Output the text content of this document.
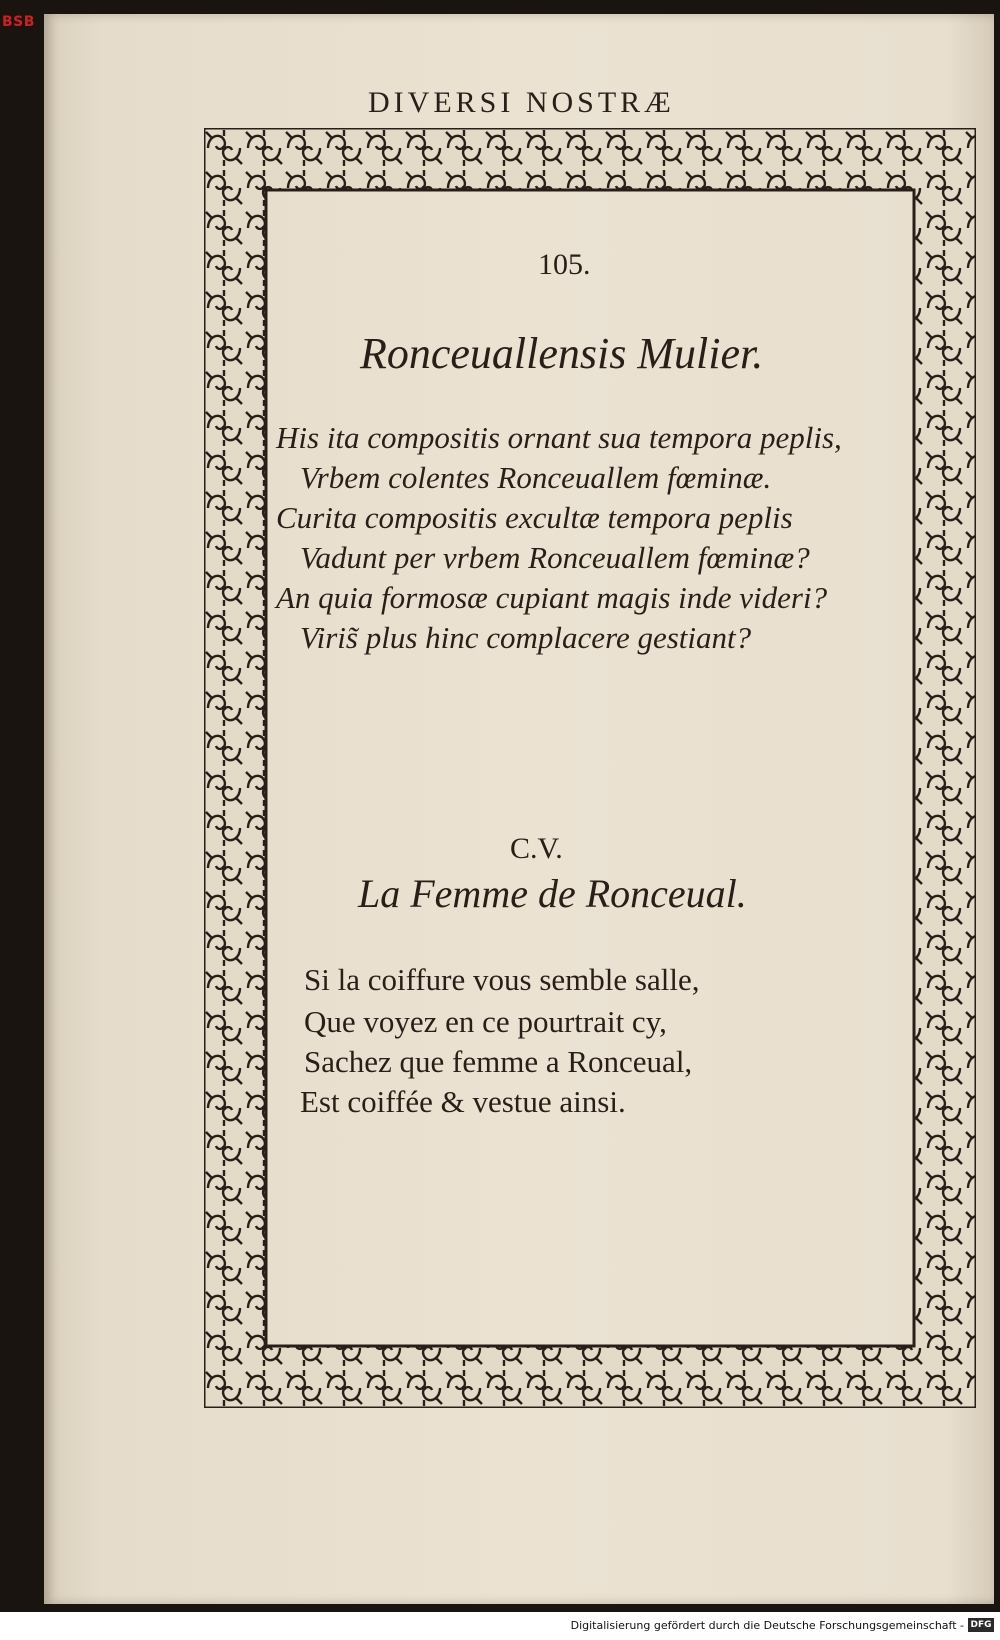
BSB
DIVERSI NOSTRÆ
105.
Ronceuallensis Mulier.
His ita compositis ornant sua tempora peplis,
Vrbem colentes Ronceuallem fœminæ.
Curita compositis excultæ tempora peplis
Vadunt per vrbem Ronceuallem fœminæ?
An quia formosæ cupiant magis inde videri?
Viris̃ plus hinc complacere gestiant?
C.V.
La Femme de Ronceual.
Si la coiffure vous semble salle,
Que voyez en ce pourtrait cy,
Sachez que femme a Ronceual,
Est coiffée & vestue ainsi.
Digitalisierung gefördert durch die Deutsche Forschungsgemeinschaft - DFG
